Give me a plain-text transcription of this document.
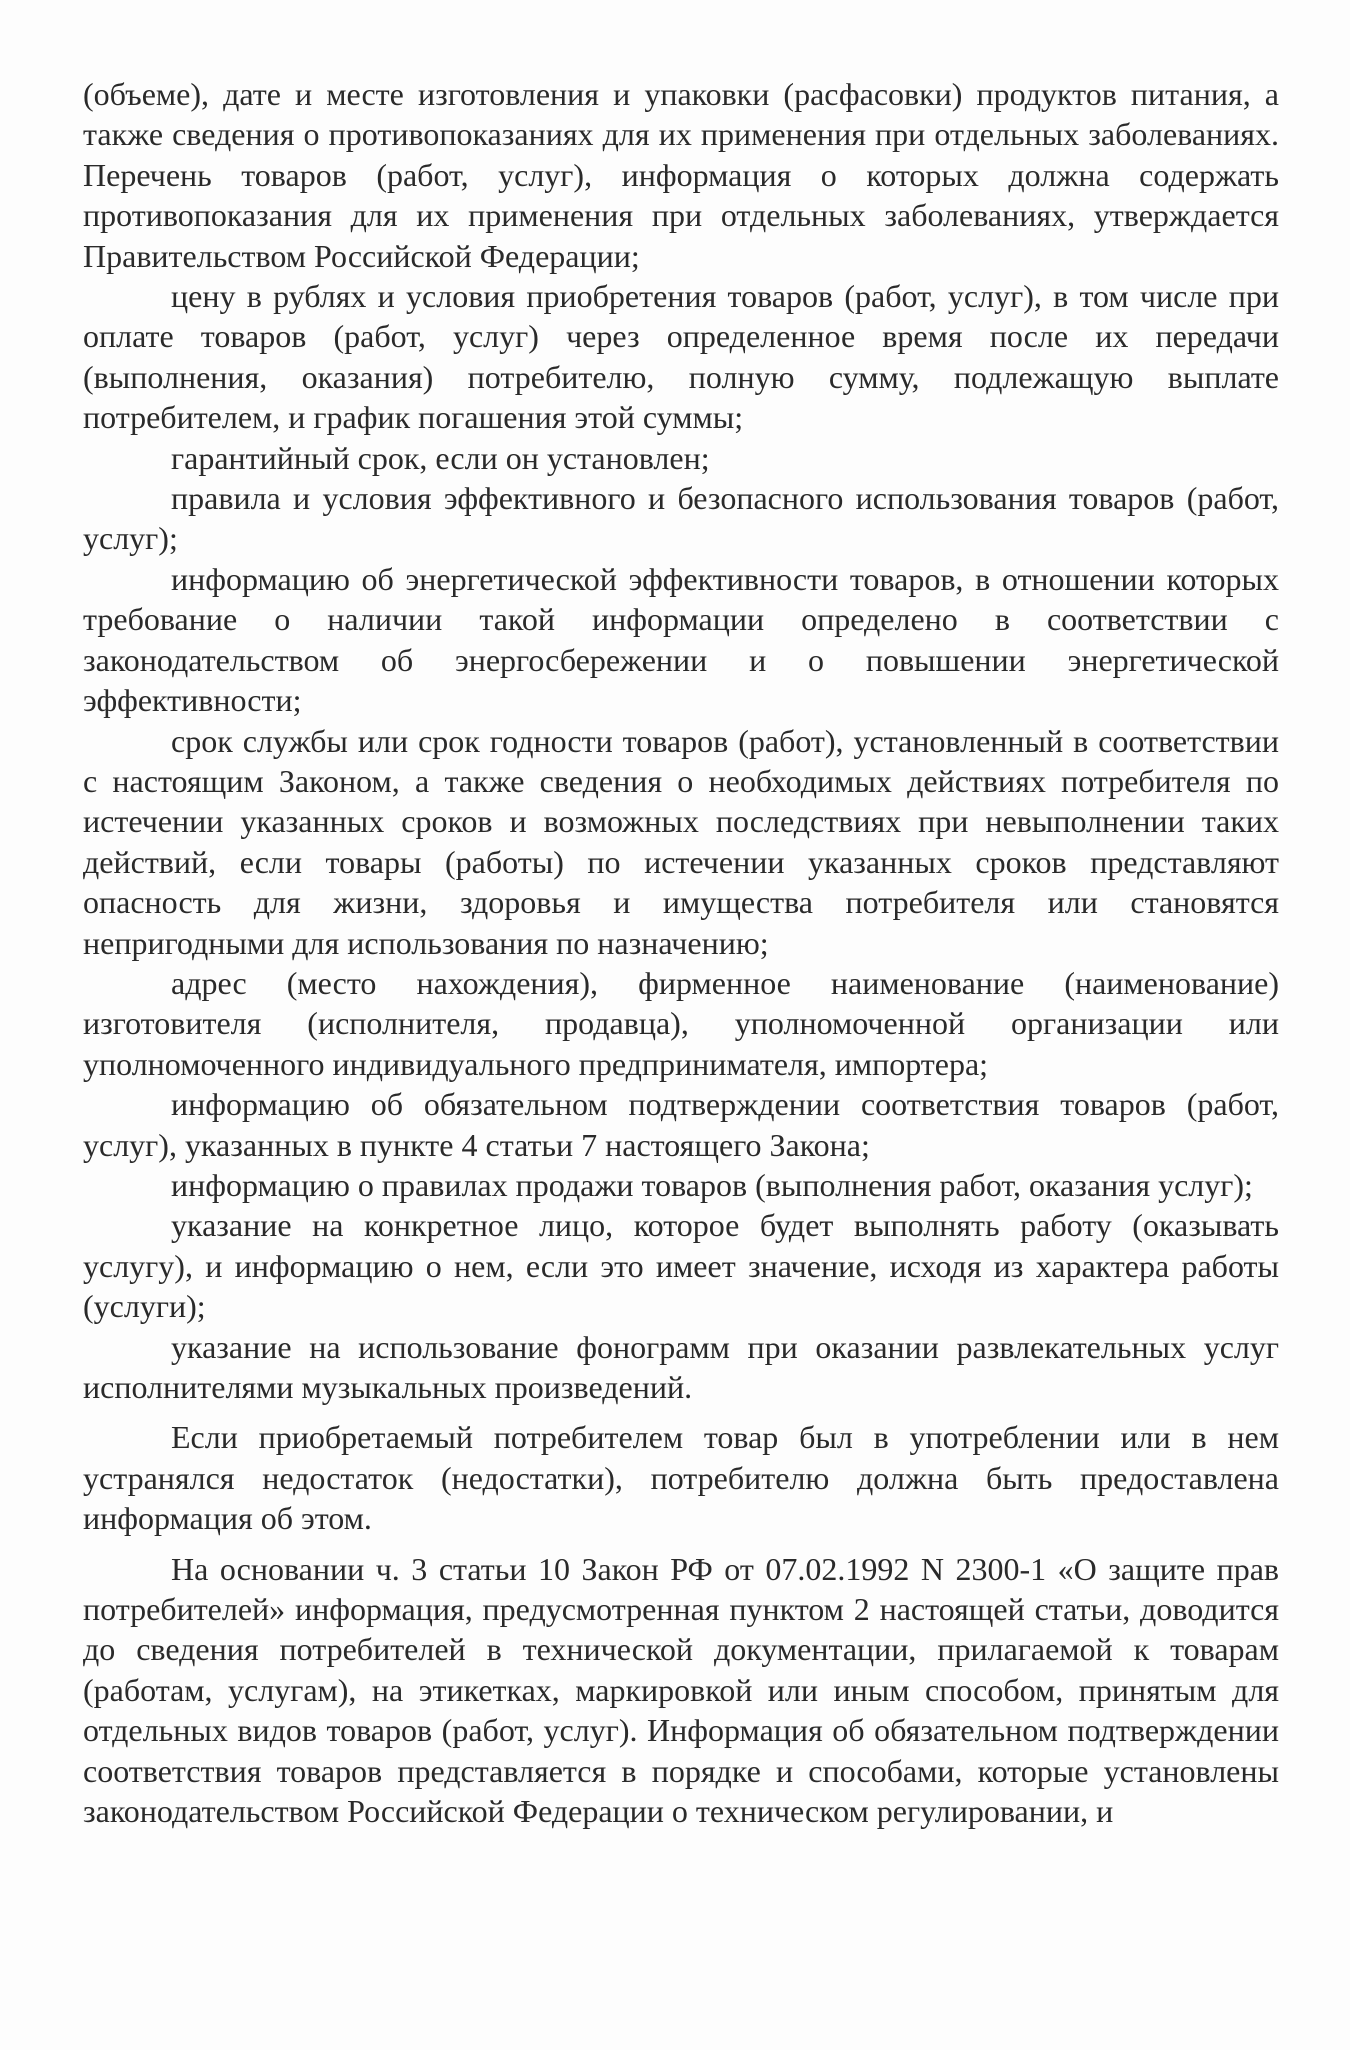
(объеме), дате и месте изготовления и упаковки (расфасовки) продуктов питания, а также сведения о противопоказаниях для их применения при отдельных заболеваниях. Перечень товаров (работ, услуг), информация о которых должна содержать противопоказания для их применения при отдельных заболеваниях, утверждается Правительством Российской Федерации;

цену в рублях и условия приобретения товаров (работ, услуг), в том числе при оплате товаров (работ, услуг) через определенное время после их передачи (выполнения, оказания) потребителю, полную сумму, подлежащую выплате потребителем, и график погашения этой суммы;

гарантийный срок, если он установлен;

правила и условия эффективного и безопасного использования товаров (работ, услуг);

информацию об энергетической эффективности товаров, в отношении которых требование о наличии такой информации определено в соответствии с законодательством об энергосбережении и о повышении энергетической эффективности;

срок службы или срок годности товаров (работ), установленный в соответствии с настоящим Законом, а также сведения о необходимых действиях потребителя по истечении указанных сроков и возможных последствиях при невыполнении таких действий, если товары (работы) по истечении указанных сроков представляют опасность для жизни, здоровья и имущества потребителя или становятся непригодными для использования по назначению;

адрес (место нахождения), фирменное наименование (наименование) изготовителя (исполнителя, продавца), уполномоченной организации или уполномоченного индивидуального предпринимателя, импортера;

информацию об обязательном подтверждении соответствия товаров (работ, услуг), указанных в пункте 4 статьи 7 настоящего Закона;

информацию о правилах продажи товаров (выполнения работ, оказания услуг);

указание на конкретное лицо, которое будет выполнять работу (оказывать услугу), и информацию о нем, если это имеет значение, исходя из характера работы (услуги);

указание на использование фонограмм при оказании развлекательных услуг исполнителями музыкальных произведений.

Если приобретаемый потребителем товар был в употреблении или в нем устранялся недостаток (недостатки), потребителю должна быть предоставлена информация об этом.

На основании ч. 3 статьи 10 Закон РФ от 07.02.1992 N 2300-1 «О защите прав потребителей» информация, предусмотренная пунктом 2 настоящей статьи, доводится до сведения потребителей в технической документации, прилагаемой к товарам (работам, услугам), на этикетках, маркировкой или иным способом, принятым для отдельных видов товаров (работ, услуг). Информация об обязательном подтверждении соответствия товаров представляется в порядке и способами, которые установлены законодательством Российской Федерации о техническом регулировании, и
